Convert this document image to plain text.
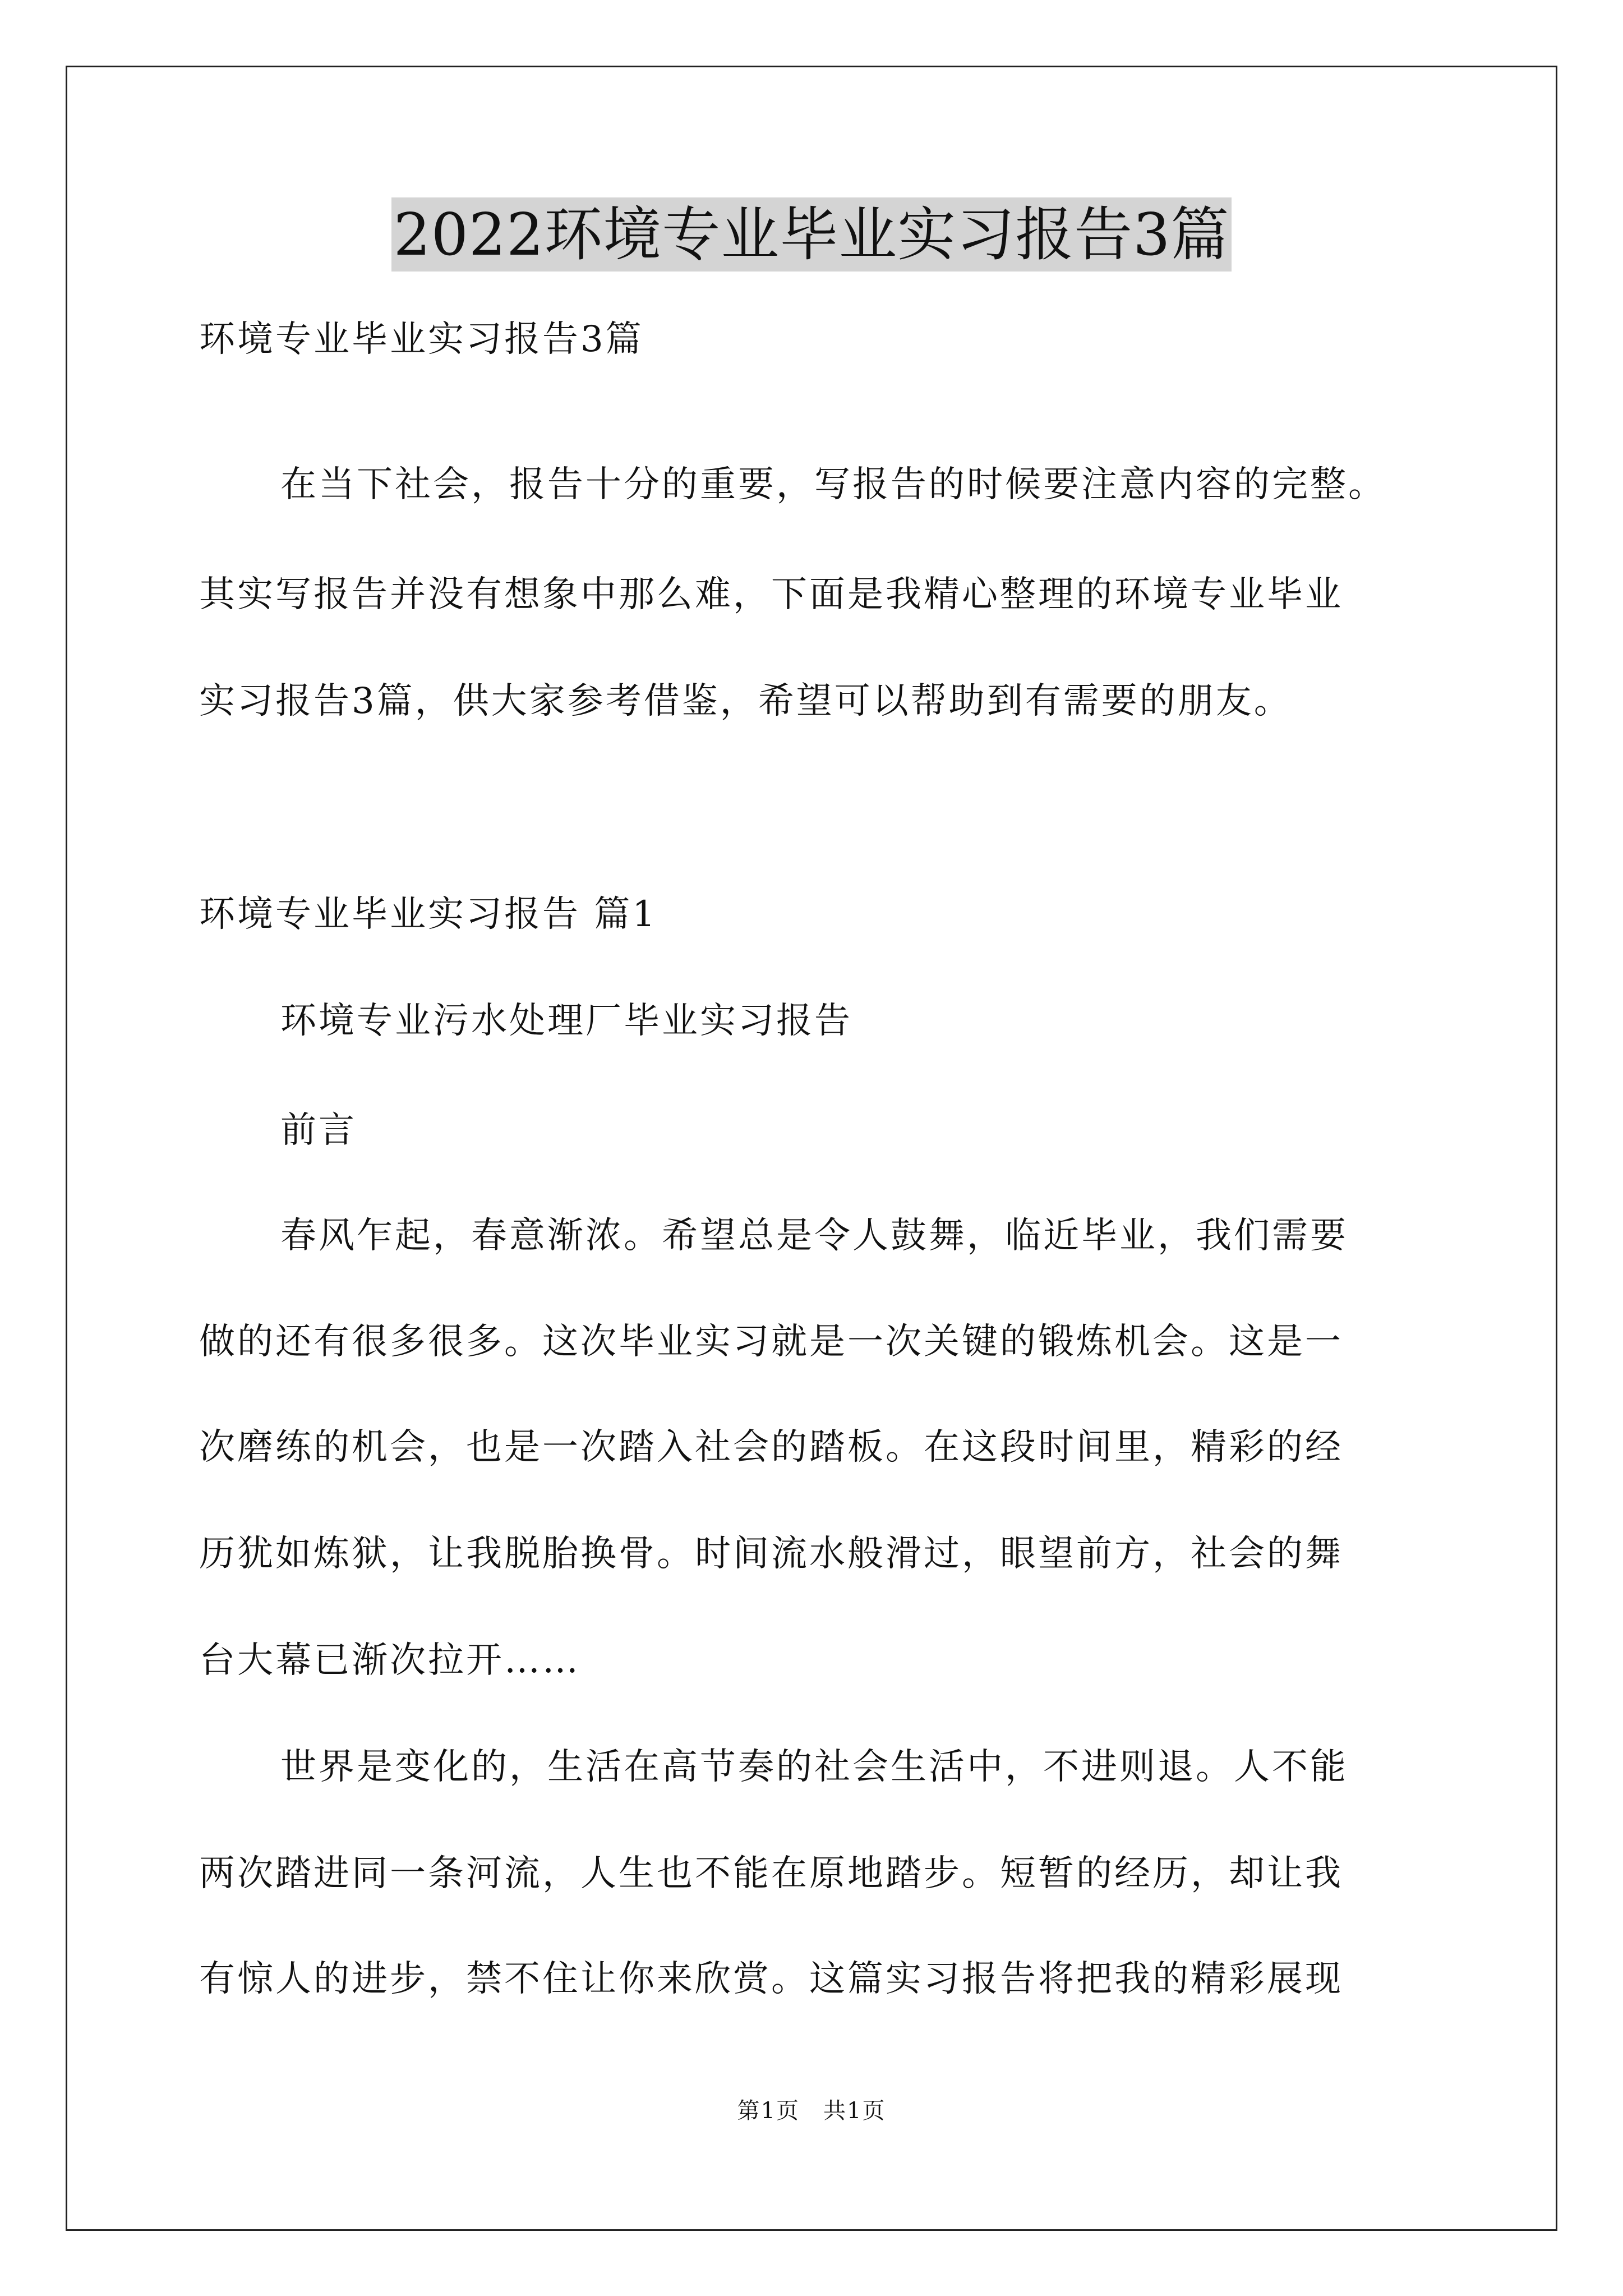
2022环境专业毕业实习报告3篇
环境专业毕业实习报告3篇
在当下社会，报告十分的重要，写报告的时候要注意内容的完整。
其实写报告并没有想象中那么难，下面是我精心整理的环境专业毕业
实习报告3篇，供大家参考借鉴，希望可以帮助到有需要的朋友。
环境专业毕业实习报告 篇1
环境专业污水处理厂毕业实习报告
前言
春风乍起，春意渐浓。希望总是令人鼓舞，临近毕业，我们需要
做的还有很多很多。这次毕业实习就是一次关键的锻炼机会。这是一
次磨练的机会，也是一次踏入社会的踏板。在这段时间里，精彩的经
历犹如炼狱，让我脱胎换骨。时间流水般滑过，眼望前方，社会的舞
台大幕已渐次拉开……
世界是变化的，生活在高节奏的社会生活中，不进则退。人不能
两次踏进同一条河流，人生也不能在原地踏步。短暂的经历，却让我
有惊人的进步，禁不住让你来欣赏。这篇实习报告将把我的精彩展现
第1页　共1页
